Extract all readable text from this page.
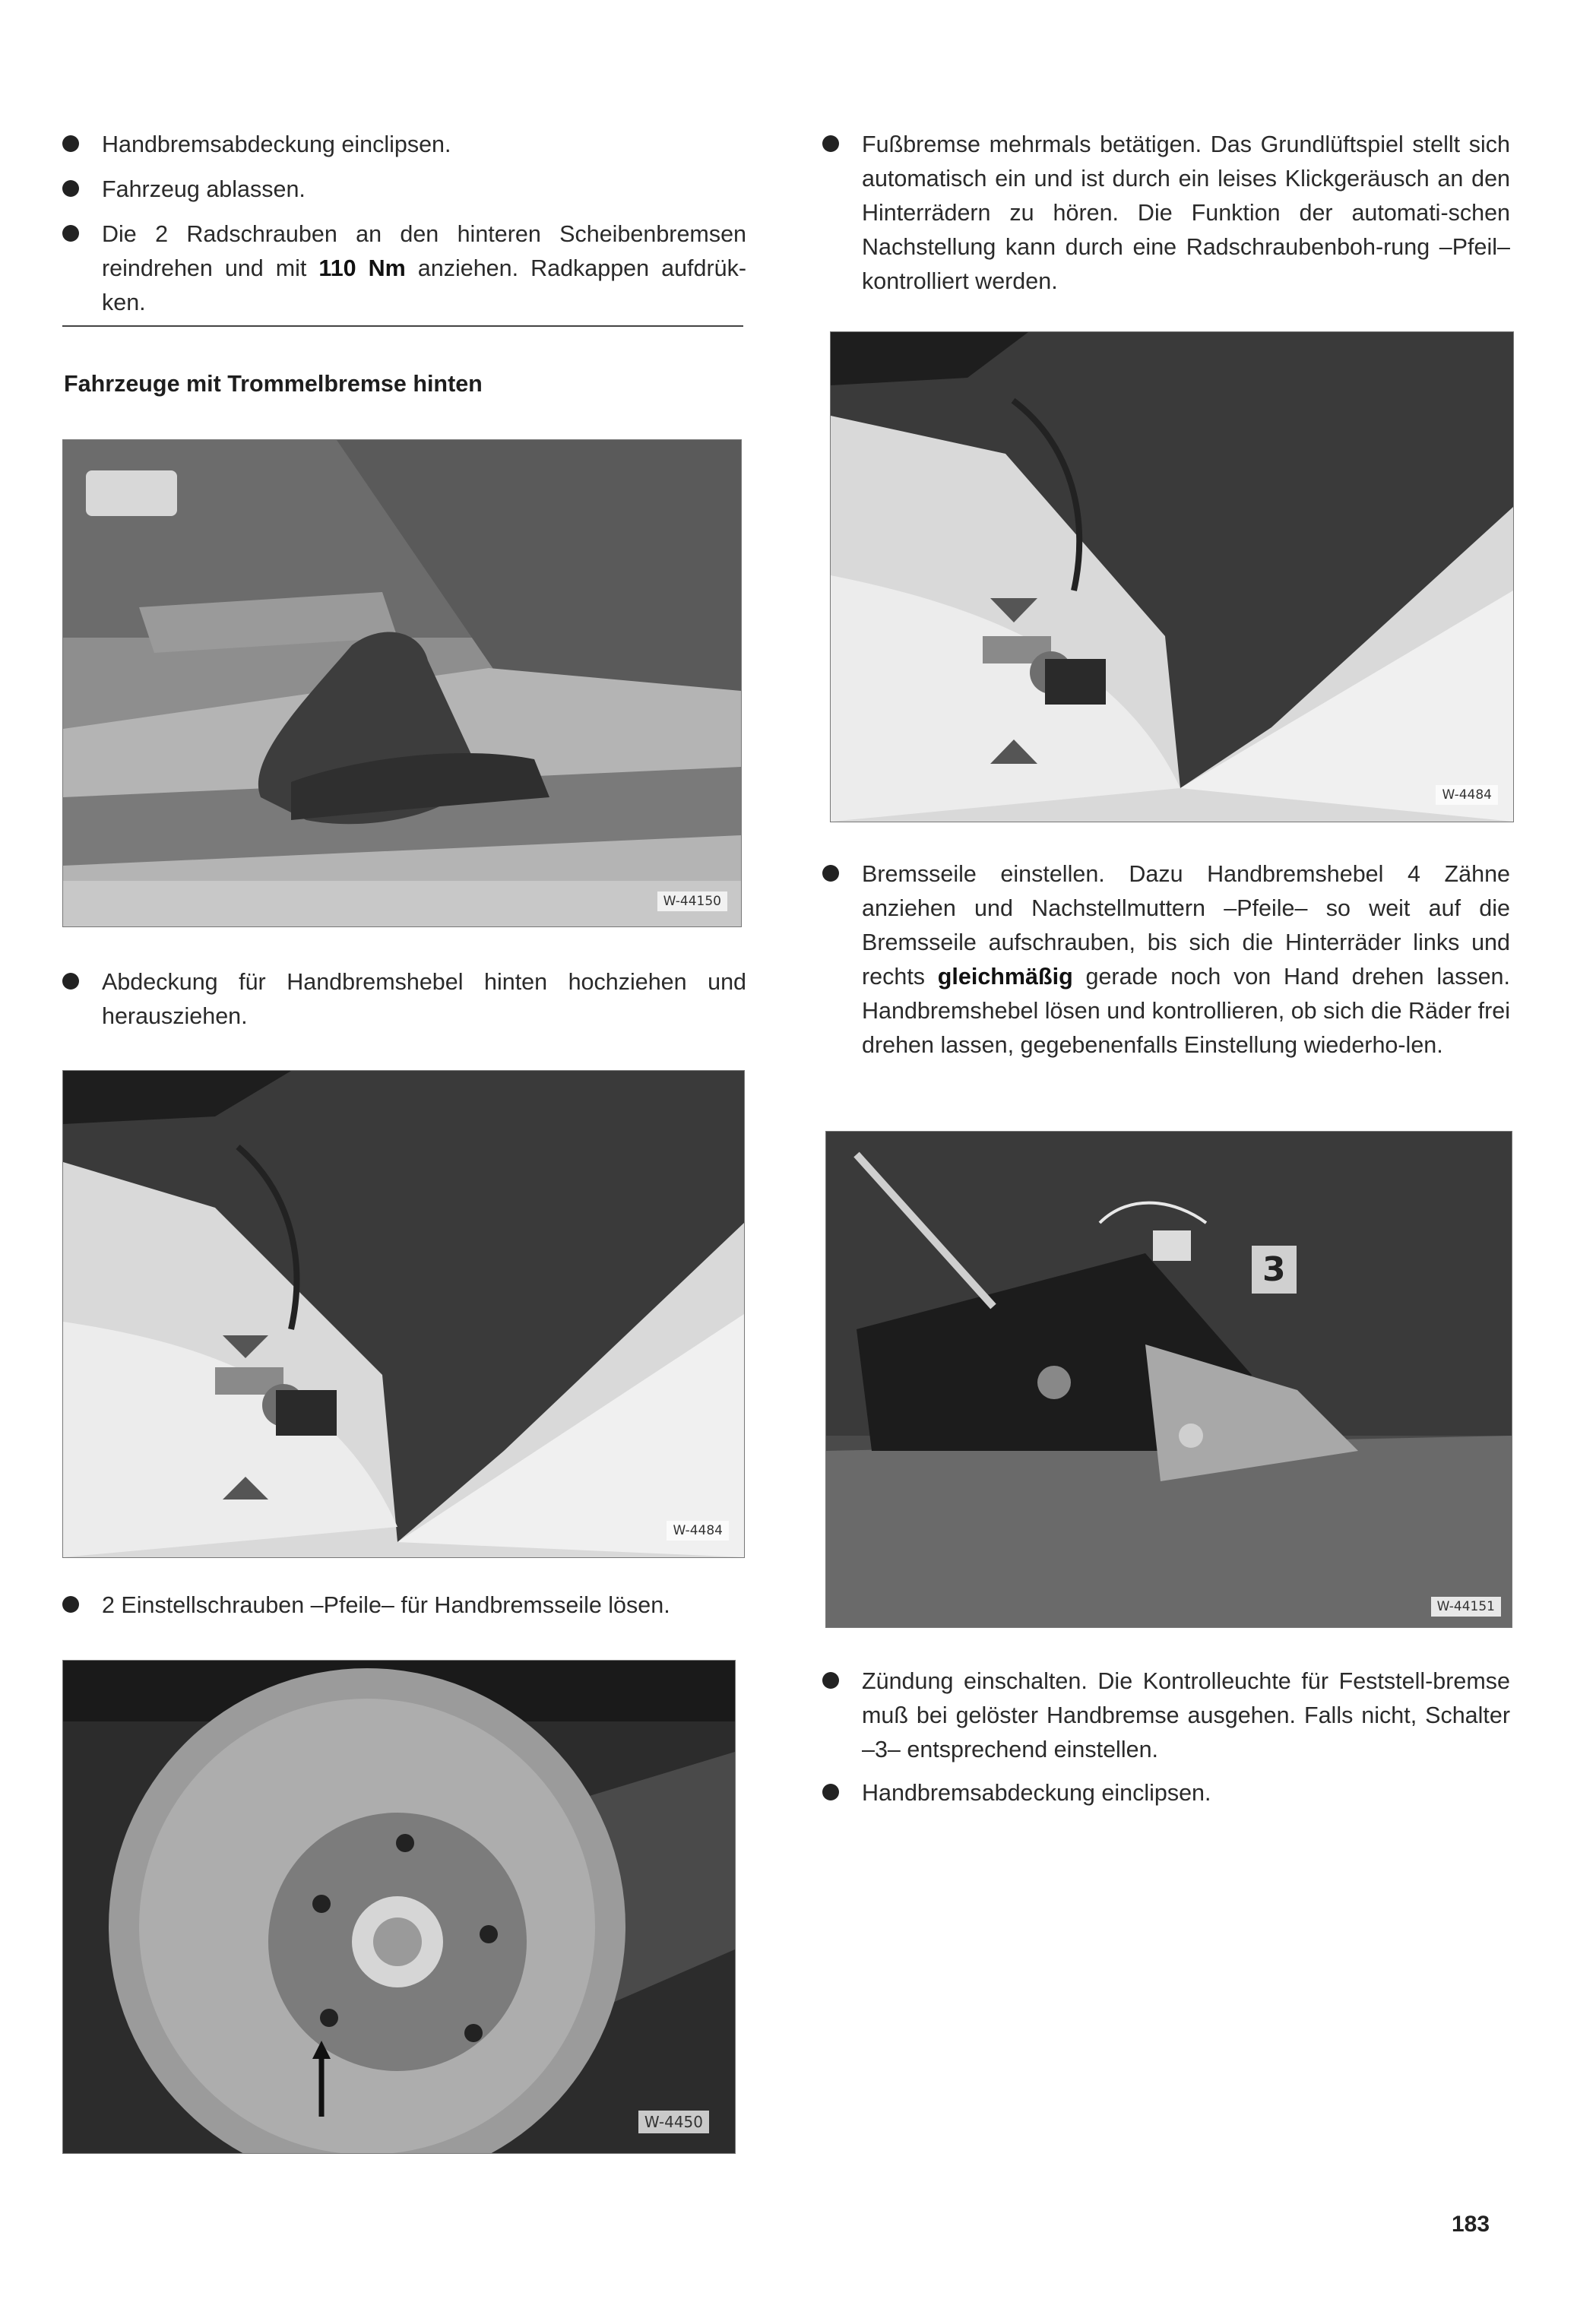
Handbremsabdeckung einclipsen.
Fahrzeug ablassen.
Die 2 Radschrauben an den hinteren Scheibenbremsen reindrehen und mit 110 Nm anziehen. Radkappen aufdrük-ken.
Fahrzeuge mit Trommelbremse hinten
W-44150
Abdeckung für Handbremshebel hinten hochziehen und herausziehen.
W-4484
2 Einstellschrauben –Pfeile– für Handbremsseile lösen.
W-4450
Fußbremse mehrmals betätigen. Das Grundlüftspiel stellt sich automatisch ein und ist durch ein leises Klickgeräusch an den Hinterrädern zu hören. Die Funktion der automati-schen Nachstellung kann durch eine Radschraubenboh-rung –Pfeil– kontrolliert werden.
W-4484
Bremsseile einstellen. Dazu Handbremshebel 4 Zähne anziehen und Nachstellmuttern –Pfeile– so weit auf die Bremsseile aufschrauben, bis sich die Hinterräder links und rechts gleichmäßig gerade noch von Hand drehen lassen. Handbremshebel lösen und kontrollieren, ob sich die Räder frei drehen lassen, gegebenenfalls Einstellung wiederho-len.
3
W-44151
Zündung einschalten. Die Kontrolleuchte für Feststell-bremse muß bei gelöster Handbremse ausgehen. Falls nicht, Schalter –3– entsprechend einstellen.
Handbremsabdeckung einclipsen.
183
